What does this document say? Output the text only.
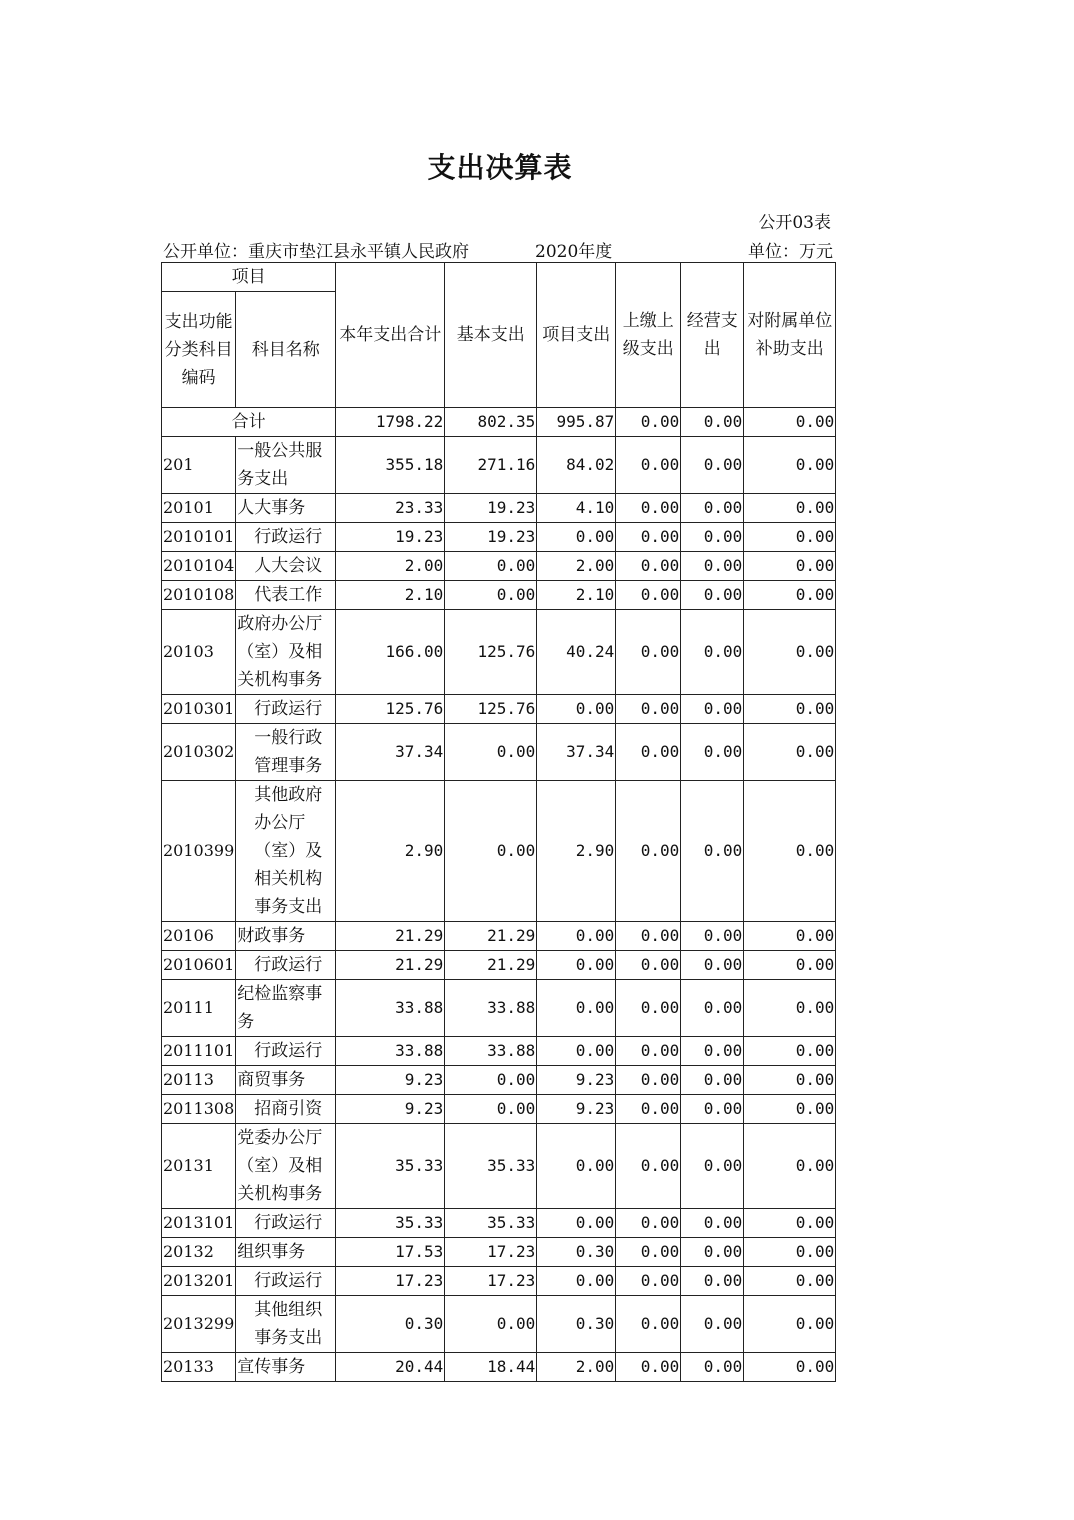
支出决算表
公开03表
公开单位：重庆市垫江县永平镇人民政府	2020年度	单位：万元
项目		本年支出合计	基本支出	项目支出	上缴上级支出	经营支出	对附属单位补助支出
支出功能分类科目编码	科目名称						
合计		1798.22	802.35	995.87	0.00	0.00	0.00
201	一般公共服务支出	355.18	271.16	84.02	0.00	0.00	0.00
20101	人大事务	23.33	19.23	4.10	0.00	0.00	0.00
2010101	行政运行	19.23	19.23	0.00	0.00	0.00	0.00
2010104	人大会议	2.00	0.00	2.00	0.00	0.00	0.00
2010108	代表工作	2.10	0.00	2.10	0.00	0.00	0.00
20103	政府办公厅（室）及相关机构事务	166.00	125.76	40.24	0.00	0.00	0.00
2010301	行政运行	125.76	125.76	0.00	0.00	0.00	0.00
2010302	一般行政管理事务	37.34	0.00	37.34	0.00	0.00	0.00
2010399	其他政府办公厅（室）及相关机构事务支出	2.90	0.00	2.90	0.00	0.00	0.00
20106	财政事务	21.29	21.29	0.00	0.00	0.00	0.00
2010601	行政运行	21.29	21.29	0.00	0.00	0.00	0.00
20111	纪检监察事务	33.88	33.88	0.00	0.00	0.00	0.00
2011101	行政运行	33.88	33.88	0.00	0.00	0.00	0.00
20113	商贸事务	9.23	0.00	9.23	0.00	0.00	0.00
2011308	招商引资	9.23	0.00	9.23	0.00	0.00	0.00
20131	党委办公厅（室）及相关机构事务	35.33	35.33	0.00	0.00	0.00	0.00
2013101	行政运行	35.33	35.33	0.00	0.00	0.00	0.00
20132	组织事务	17.53	17.23	0.30	0.00	0.00	0.00
2013201	行政运行	17.23	17.23	0.00	0.00	0.00	0.00
2013299	其他组织事务支出	0.30	0.00	0.30	0.00	0.00	0.00
20133	宣传事务	20.44	18.44	2.00	0.00	0.00	0.00
